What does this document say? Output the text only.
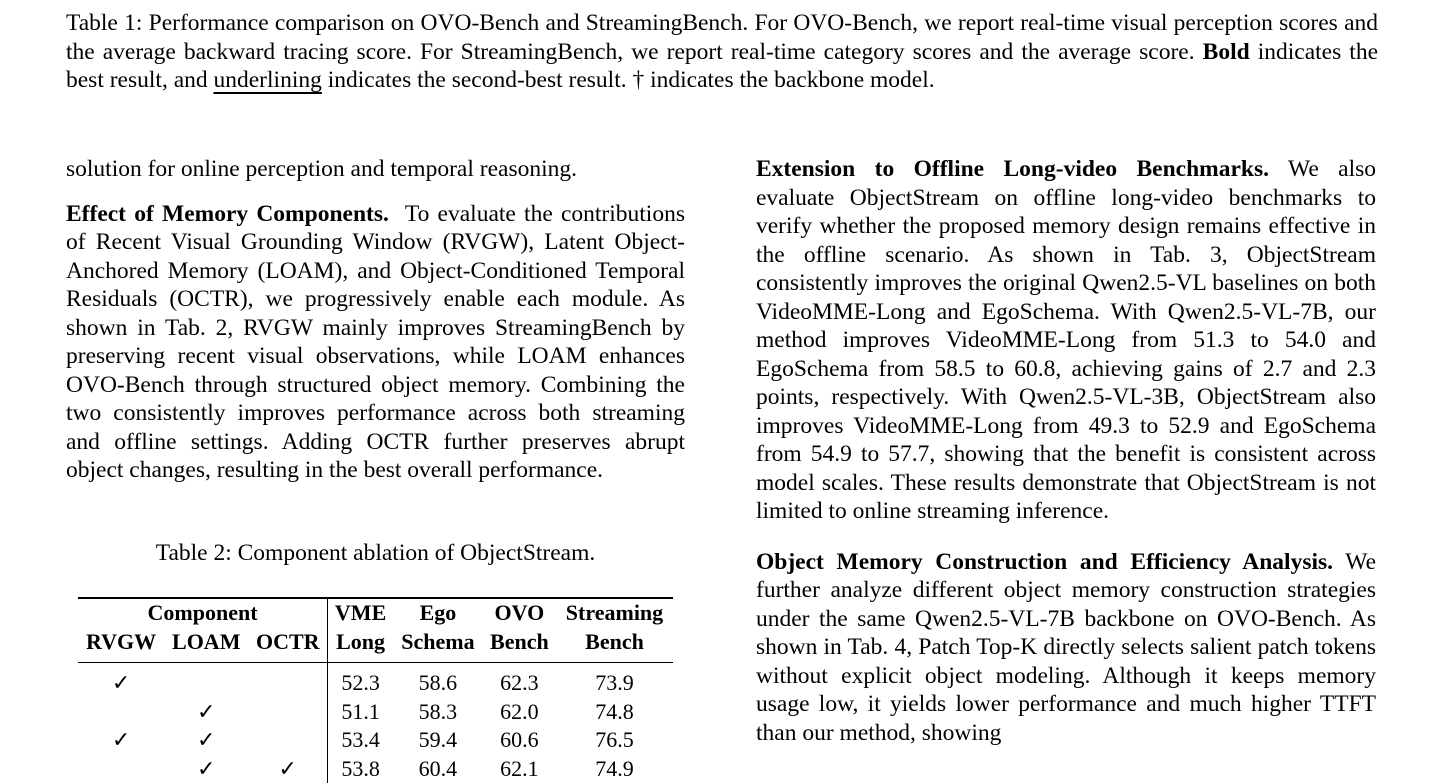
Table 1: Performance comparison on OVO-Bench and StreamingBench. For OVO-Bench, we report real-time visual perception scores and the average backward tracing score. For StreamingBench, we report real-time category scores and the average score. Bold indicates the best result, and underlining indicates the second-best result. † indicates the backbone model.

solution for online perception and temporal reasoning.

Effect of Memory Components. To evaluate the contributions of Recent Visual Grounding Window (RVGW), Latent Object-Anchored Memory (LOAM), and Object-Conditioned Temporal Residuals (OCTR), we progressively enable each module. As shown in Tab. 2, RVGW mainly improves StreamingBench by preserving recent visual observations, while LOAM enhances OVO-Bench through structured object memory. Combining the two consistently improves performance across both streaming and offline settings. Adding OCTR further preserves abrupt object changes, resulting in the best overall performance.

Table 2: Component ablation of ObjectStream.
Component			VME	Ego	OVO	Streaming
RVGW	LOAM	OCTR	Long	Schema	Bench	Bench
✓			52.3	58.6	62.3	73.9
	✓		51.1	58.3	62.0	74.8
✓	✓		53.4	59.4	60.6	76.5
	✓	✓	53.8	60.4	62.1	74.9

Extension to Offline Long-video Benchmarks. We also evaluate ObjectStream on offline long-video benchmarks to verify whether the proposed memory design remains effective in the offline scenario. As shown in Tab. 3, ObjectStream consistently improves the original Qwen2.5-VL baselines on both VideoMME-Long and EgoSchema. With Qwen2.5-VL-7B, our method improves VideoMME-Long from 51.3 to 54.0 and EgoSchema from 58.5 to 60.8, achieving gains of 2.7 and 2.3 points, respectively. With Qwen2.5-VL-3B, ObjectStream also improves VideoMME-Long from 49.3 to 52.9 and EgoSchema from 54.9 to 57.7, showing that the benefit is consistent across model scales. These results demonstrate that ObjectStream is not limited to online streaming inference.

Object Memory Construction and Efficiency Analysis. We further analyze different object memory construction strategies under the same Qwen2.5-VL-7B backbone on OVO-Bench. As shown in Tab. 4, Patch Top-K directly selects salient patch tokens without explicit object modeling. Although it keeps memory usage low, it yields lower performance and much higher TTFT than our method, showing
